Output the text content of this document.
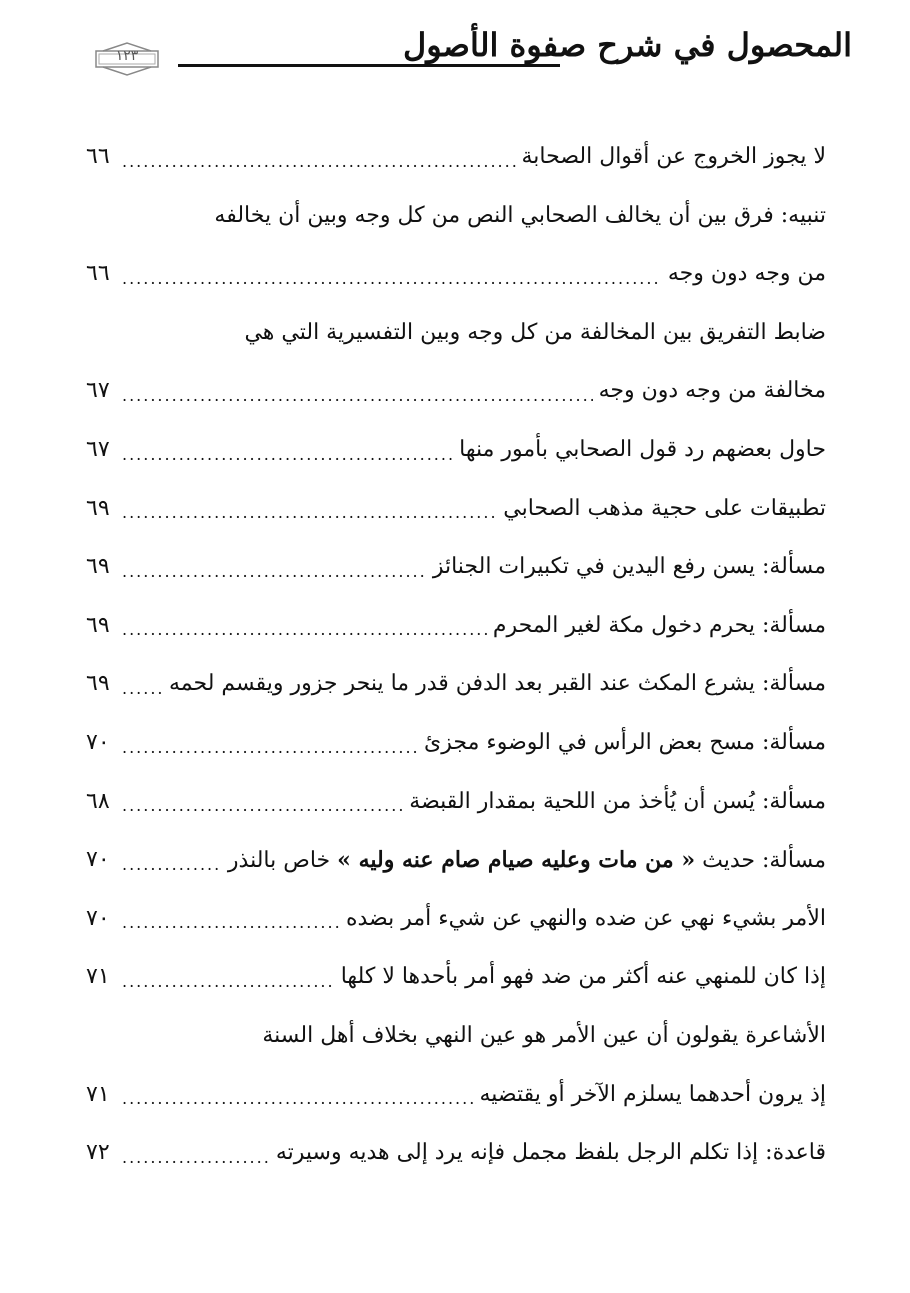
المحصول في شرح صفوة الأصول
١٢٣
لا يجوز الخروج عن أقوال الصحابة
.....
٦٦
تنبيه: فرق بين أن يخالف الصحابي النص من كل وجه وبين أن يخالفه
من وجه دون وجه
.....
٦٦
ضابط التفريق بين المخالفة من كل وجه وبين التفسيرية التي هي
مخالفة من وجه دون وجه
.....
٦٧
حاول بعضهم رد قول الصحابي بأمور منها
.....
٦٧
تطبيقات على حجية مذهب الصحابي
.....
٦٩
مسألة: يسن رفع اليدين في تكبيرات الجنائز
.....
٦٩
مسألة: يحرم دخول مكة لغير المحرم
.....
٦٩
مسألة: يشرع المكث عند القبر بعد الدفن قدر ما ينحر جزور ويقسم لحمه
.....
٦٩
مسألة: مسح بعض الرأس في الوضوء مجزئ
.....
٧٠
مسألة: يُسن أن يُأخذ من اللحية بمقدار القبضة
.....
٦٨
مسألة: حديث « من مات وعليه صيام صام عنه وليه » خاص بالنذر
.....
٧٠
الأمر بشيء نهي عن ضده والنهي عن شيء أمر بضده
.....
٧٠
إذا كان للمنهي عنه أكثر من ضد فهو أمر بأحدها لا كلها
.....
٧١
الأشاعرة يقولون أن عين الأمر هو عين النهي بخلاف أهل السنة
إذ يرون أحدهما يسلزم الآخر أو يقتضيه
.....
٧١
قاعدة: إذا تكلم الرجل بلفظ مجمل فإنه يرد إلى هديه وسيرته
.....
٧٢
